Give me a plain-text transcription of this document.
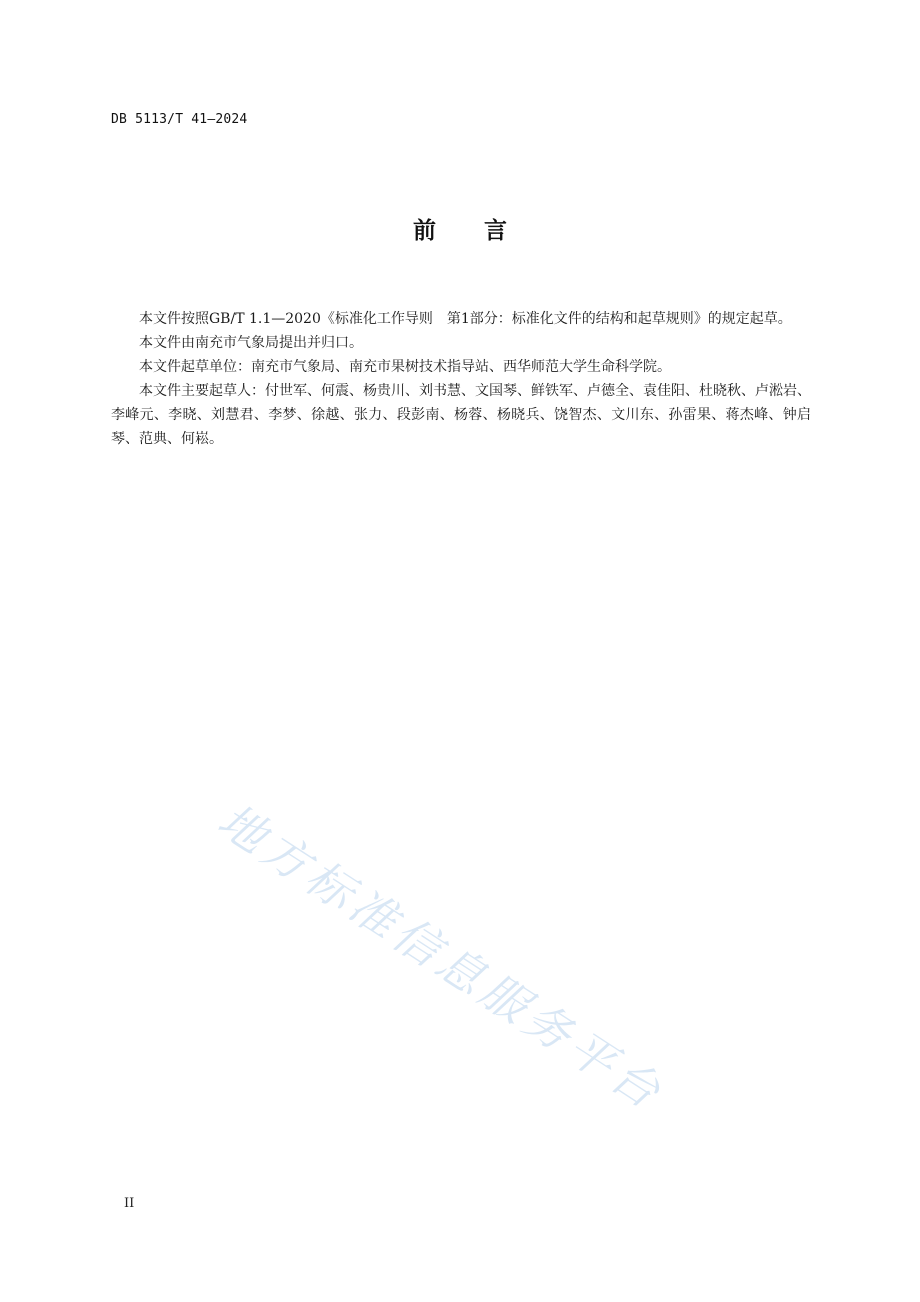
DB 5113/T 41—2024
前言

本文件按照GB/T 1.1—2020《标准化工作导则　第1部分：标准化文件的结构和起草规则》的规定起草。

本文件由南充市气象局提出并归口。

本文件起草单位：南充市气象局、南充市果树技术指导站、西华师范大学生命科学院。

本文件主要起草人：付世军、何震、杨贵川、刘书慧、文国琴、鲜铁军、卢德全、袁佳阳、杜晓秋、卢淞岩、李峰元、李晓、刘慧君、李梦、徐越、张力、段彭南、杨蓉、杨晓兵、饶智杰、文川东、孙雷果、蒋杰峰、钟启琴、范典、何崧。

地方标准信息服务平台
II
